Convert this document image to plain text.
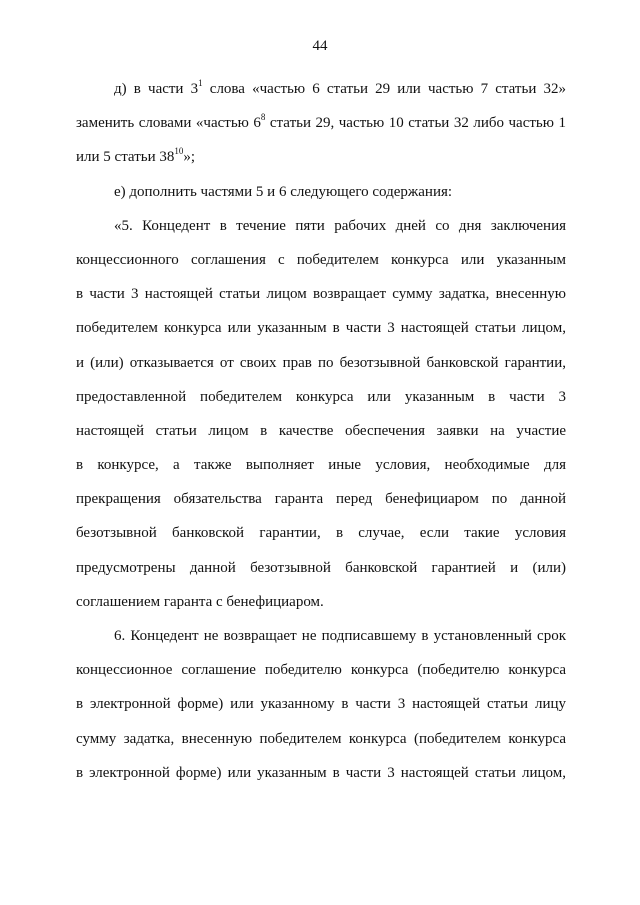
44
д) в части $3^1$ слова «частью 6 статьи 29 или частью 7 статьи 32»
заменить словами «частью $6^8$ статьи 29, частью 10 статьи 32 либо частью 1
или 5 статьи $38^{10}$»;
е) дополнить частями 5 и 6 следующего содержания:
«5. Концедент в течение пяти рабочих дней со дня заключения
концессионного соглашения с победителем конкурса или указанным
в части 3 настоящей статьи лицом возвращает сумму задатка, внесенную
победителем конкурса или указанным в части 3 настоящей статьи лицом,
и (или) отказывается от своих прав по безотзывной банковской гарантии,
предоставленной победителем конкурса или указанным в части 3
настоящей статьи лицом в качестве обеспечения заявки на участие
в конкурсе, а также выполняет иные условия, необходимые для
прекращения обязательства гаранта перед бенефициаром по данной
безотзывной банковской гарантии, в случае, если такие условия
предусмотрены данной безотзывной банковской гарантией и (или)
соглашением гаранта с бенефициаром.
6. Концедент не возвращает не подписавшему в установленный срок
концессионное соглашение победителю конкурса (победителю конкурса
в электронной форме) или указанному в части 3 настоящей статьи лицу
сумму задатка, внесенную победителем конкурса (победителем конкурса
в электронной форме) или указанным в части 3 настоящей статьи лицом,
